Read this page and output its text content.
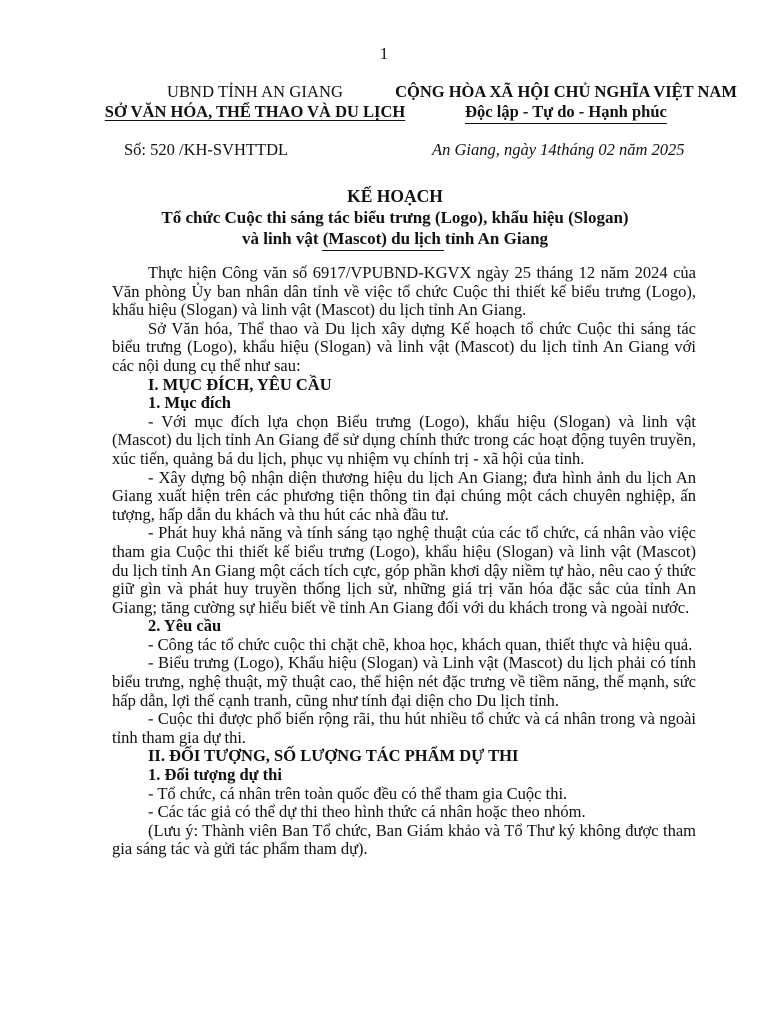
1
UBND TỈNH AN GIANG
SỞ VĂN HÓA, THỂ THAO VÀ DU LỊCH
CỘNG HÒA XÃ HỘI CHỦ NGHĨA VIỆT NAM
Độc lập - Tự do - Hạnh phúc
Số: 520 /KH-SVHTTDL	An Giang, ngày 14tháng 02 năm 2025
KẾ HOẠCH
Tổ chức Cuộc thi sáng tác biểu trưng (Logo), khẩu hiệu (Slogan)
và linh vật (Mascot) du lịch tỉnh An Giang

Thực hiện Công văn số 6917/VPUBND-KGVX ngày 25 tháng 12 năm 2024 của Văn phòng Ủy ban nhân dân tỉnh về việc tổ chức Cuộc thi thiết kế biểu trưng (Logo), khẩu hiệu (Slogan) và linh vật (Mascot) du lịch tỉnh An Giang.

Sở Văn hóa, Thể thao và Du lịch xây dựng Kế hoạch tổ chức Cuộc thi sáng tác biểu trưng (Logo), khẩu hiệu (Slogan) và linh vật (Mascot) du lịch tỉnh An Giang với các nội dung cụ thể như sau:

I. MỤC ĐÍCH, YÊU CẦU

1. Mục đích

- Với mục đích lựa chọn Biểu trưng (Logo), khẩu hiệu (Slogan) và linh vật (Mascot) du lịch tỉnh An Giang để sử dụng chính thức trong các hoạt động tuyên truyền, xúc tiến, quảng bá du lịch, phục vụ nhiệm vụ chính trị - xã hội của tỉnh.

- Xây dựng bộ nhận diện thương hiệu du lịch An Giang; đưa hình ảnh du lịch An Giang xuất hiện trên các phương tiện thông tin đại chúng một cách chuyên nghiệp, ấn tượng, hấp dẫn du khách và thu hút các nhà đầu tư.

- Phát huy khả năng và tính sáng tạo nghệ thuật của các tổ chức, cá nhân vào việc tham gia Cuộc thi thiết kế biểu trưng (Logo), khẩu hiệu (Slogan) và linh vật (Mascot) du lịch tỉnh An Giang một cách tích cực, góp phần khơi dậy niềm tự hào, nêu cao ý thức giữ gìn và phát huy truyền thống lịch sử, những giá trị văn hóa đặc sắc của tỉnh An Giang; tăng cường sự hiểu biết về tỉnh An Giang đối với du khách trong và ngoài nước.

2. Yêu cầu

- Công tác tổ chức cuộc thi chặt chẽ, khoa học, khách quan, thiết thực và hiệu quả.

- Biểu trưng (Logo), Khẩu hiệu (Slogan) và Linh vật (Mascot) du lịch phải có tính biểu trưng, nghệ thuật, mỹ thuật cao, thể hiện nét đặc trưng về tiềm năng, thế mạnh, sức hấp dẫn, lợi thế cạnh tranh, cũng như tính đại diện cho Du lịch tỉnh.

- Cuộc thi được phổ biến rộng rãi, thu hút nhiều tổ chức và cá nhân trong và ngoài tỉnh tham gia dự thi.

II. ĐỐI TƯỢNG, SỐ LƯỢNG TÁC PHẨM DỰ THI

1. Đối tượng dự thi

- Tổ chức, cá nhân trên toàn quốc đều có thể tham gia Cuộc thi.

- Các tác giả có thể dự thi theo hình thức cá nhân hoặc theo nhóm.

(Lưu ý: Thành viên Ban Tổ chức, Ban Giám khảo và Tổ Thư ký không được tham gia sáng tác và gửi tác phẩm tham dự).
